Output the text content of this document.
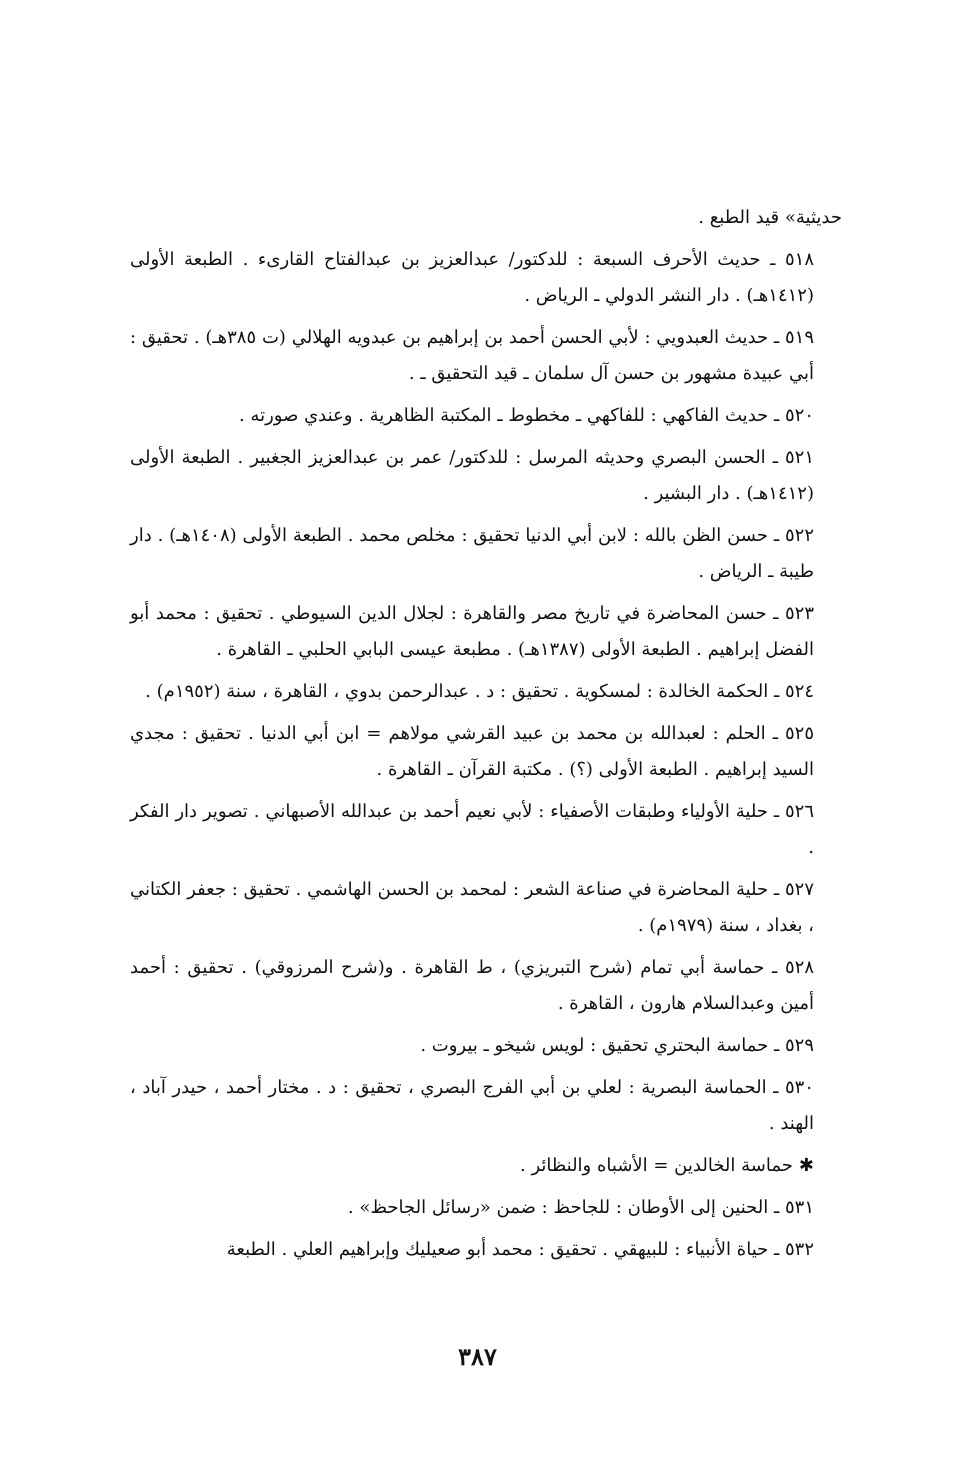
حديثية» قيد الطبع .

٥١٨ ـ حديث الأحرف السبعة : للدكتور/ عبدالعزيز بن عبدالفتاح القارىء . الطبعة الأولى (١٤١٢هـ) . دار النشر الدولي ـ الرياض .

٥١٩ ـ حديث العبدويي : لأبي الحسن أحمد بن إبراهيم بن عبدويه الهلالي (ت ٣٨٥هـ) . تحقيق : أبي عبيدة مشهور بن حسن آل سلمان ـ قيد التحقيق ـ .

٥٢٠ ـ حديث الفاكهي : للفاكهي ـ مخطوط ـ المكتبة الظاهرية . وعندي صورته .

٥٢١ ـ الحسن البصري وحديثه المرسل : للدكتور/ عمر بن عبدالعزيز الجغبير . الطبعة الأولى (١٤١٢هـ) . دار البشير .

٥٢٢ ـ حسن الظن بالله : لابن أبي الدنيا تحقيق : مخلص محمد . الطبعة الأولى (١٤٠٨هـ) . دار طيبة ـ الرياض .

٥٢٣ ـ حسن المحاضرة في تاريخ مصر والقاهرة : لجلال الدين السيوطي . تحقيق : محمد أبو الفضل إبراهيم . الطبعة الأولى (١٣٨٧هـ) . مطبعة عيسى البابي الحلبي ـ القاهرة .

٥٢٤ ـ الحكمة الخالدة : لمسكوية . تحقيق : د . عبدالرحمن بدوي ، القاهرة ، سنة (١٩٥٢م) .

٥٢٥ ـ الحلم : لعبدالله بن محمد بن عبيد القرشي مولاهم = ابن أبي الدنيا . تحقيق : مجدي السيد إبراهيم . الطبعة الأولى (؟) . مكتبة القرآن ـ القاهرة .

٥٢٦ ـ حلية الأولياء وطبقات الأصفياء : لأبي نعيم أحمد بن عبدالله الأصبهاني . تصوير دار الفكر .

٥٢٧ ـ حلية المحاضرة في صناعة الشعر : لمحمد بن الحسن الهاشمي . تحقيق : جعفر الكتاني ، بغداد ، سنة (١٩٧٩م) .

٥٢٨ ـ حماسة أبي تمام (شرح التبريزي) ، ط القاهرة . و(شرح المرزوقي) . تحقيق : أحمد أمين وعبدالسلام هارون ، القاهرة .

٥٢٩ ـ حماسة البحتري تحقيق : لويس شيخو ـ بيروت .

٥٣٠ ـ الحماسة البصرية : لعلي بن أبي الفرج البصري ، تحقيق : د . مختار أحمد ، حيدر آباد ، الهند .

✱حماسة الخالدين = الأشباه والنظائر .

٥٣١ ـ الحنين إلى الأوطان : للجاحظ : ضمن «رسائل الجاحظ» .

٥٣٢ ـ حياة الأنبياء : للبيهقي . تحقيق : محمد أبو صعيليك وإبراهيم العلي . الطبعة

٣٨٧
